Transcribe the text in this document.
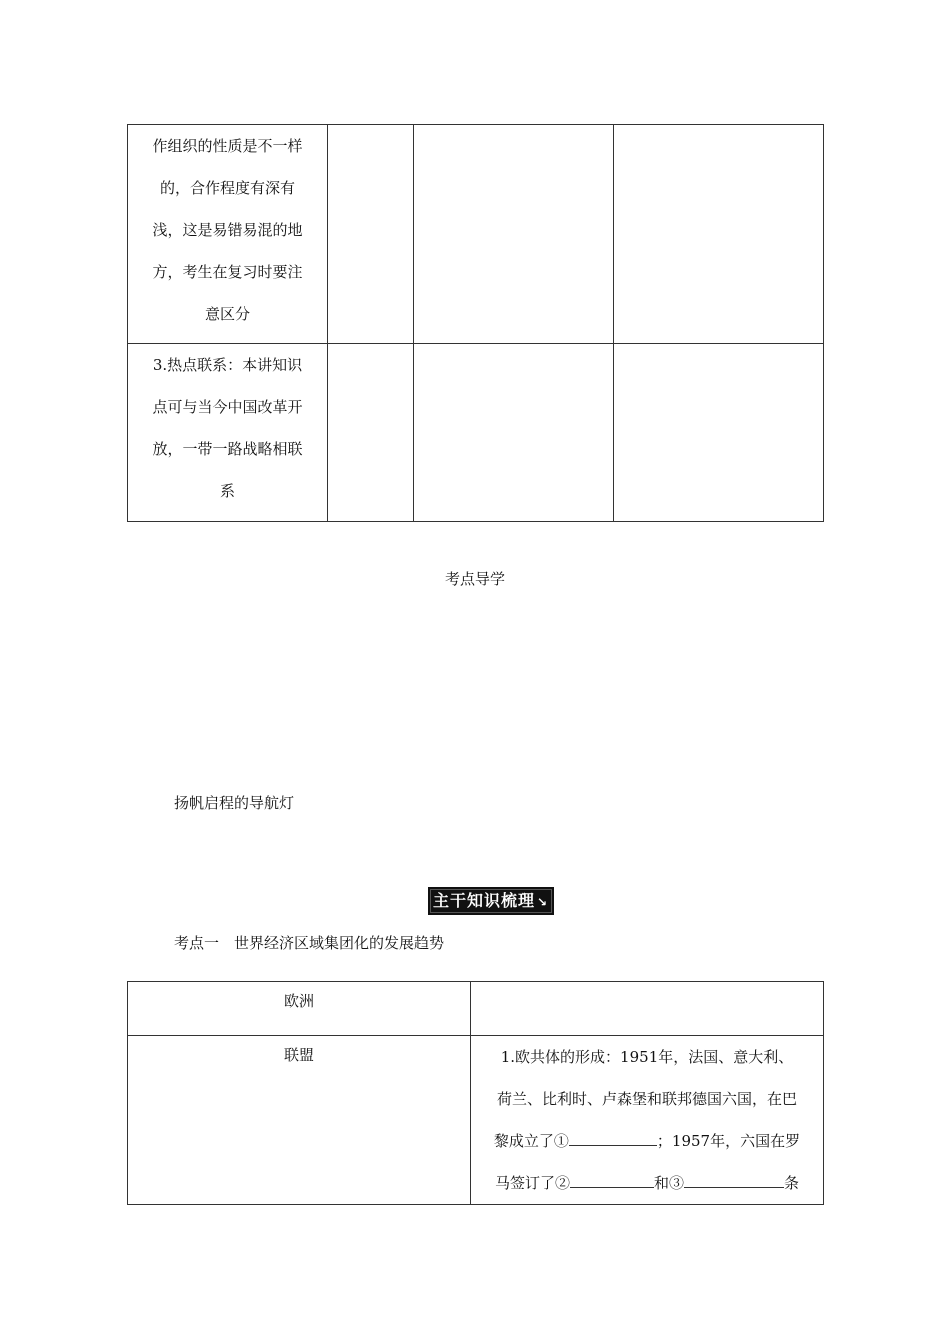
作组织的性质是不一样
的，合作程度有深有
浅，这是易错易混的地
方，考生在复习时要注
意区分			

3.热点联系：本讲知识
点可与当今中国改革开
放，一带一路战略相联
系			

考点导学
扬帆启程的导航灯
主干知识梳理 ↘
考点一　世界经济区域集团化的发展趋势
欧洲	
联盟	1.欧共体的形成：1951年，法国、意大利、
荷兰、比利时、卢森堡和联邦德国六国，在巴
黎成立了① ；1957年，六国在罗
马签订了② 和③ 条
